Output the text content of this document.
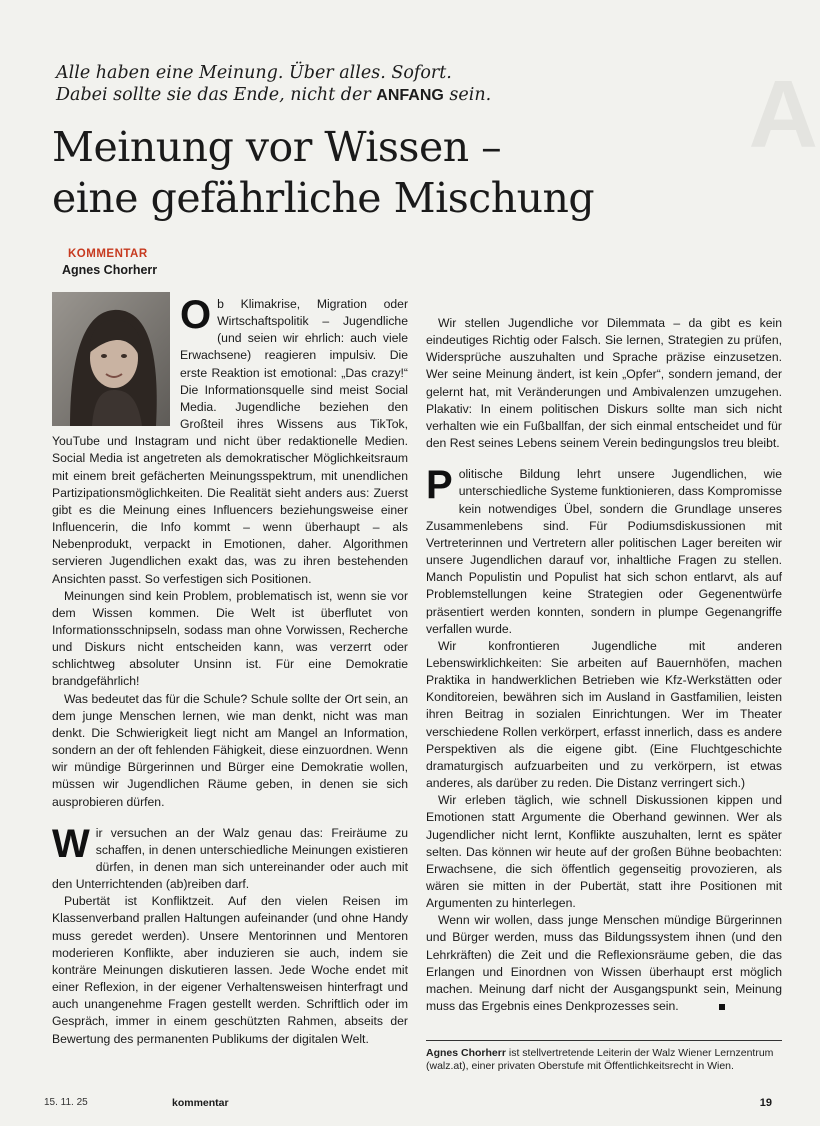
A
Alle haben eine Meinung. Über alles. Sofort.
Dabei sollte sie das Ende, nicht der ANFANG sein.
Meinung vor Wissen –
eine gefährliche Mischung
KOMMENTAR
Agnes Chorherr

Ob Klimakrise, Migration oder Wirtschaftspolitik – Jugendliche (und seien wir ehrlich: auch viele Erwachsene) reagieren impulsiv. Die erste Reaktion ist emotional: „Das crazy!“ Die Informationsquelle sind meist Social Media. Jugendliche beziehen den Großteil ihres Wissens aus TikTok, YouTube und Instagram und nicht über redaktionelle Medien. Social Media ist angetreten als demokratischer Möglichkeitsraum mit einem breit gefächerten Meinungsspektrum, mit unendlichen Partizipationsmöglichkeiten. Die Realität sieht anders aus: Zuerst gibt es die Meinung eines Influencers beziehungsweise einer Influencerin, die Info kommt – wenn überhaupt – als Nebenprodukt, verpackt in Emotionen, daher. Algorithmen servieren Jugendlichen exakt das, was zu ihren bestehenden Ansichten passt. So verfestigen sich Positionen.

Meinungen sind kein Problem, problematisch ist, wenn sie vor dem Wissen kommen. Die Welt ist überflutet von Informationsschnipseln, sodass man ohne Vorwissen, Recherche und Diskurs nicht entscheiden kann, was verzerrt oder schlichtweg absoluter Unsinn ist. Für eine Demokratie brandgefährlich!

Was bedeutet das für die Schule? Schule sollte der Ort sein, an dem junge Menschen lernen, wie man denkt, nicht was man denkt. Die Schwierigkeit liegt nicht am Mangel an Information, sondern an der oft fehlenden Fähigkeit, diese einzuordnen. Wenn wir mündige Bürgerinnen und Bürger eine Demokratie wollen, müssen wir Jugendlichen Räume geben, in denen sie sich ausprobieren dürfen.

Wir versuchen an der Walz genau das: Freiräume zu schaffen, in denen unterschiedliche Meinungen existieren dürfen, in denen man sich untereinander oder auch mit den Unterrichtenden (ab)reiben darf.

Pubertät ist Konfliktzeit. Auf den vielen Reisen im Klassenverband prallen Haltungen aufeinander (und ohne Handy muss geredet werden). Unsere Mentorinnen und Mentoren moderieren Konflikte, aber induzieren sie auch, indem sie konträre Meinungen diskutieren lassen. Jede Woche endet mit einer Reflexion, in der eigener Verhaltensweisen hinterfragt und auch unangenehme Fragen gestellt werden. Schriftlich oder im Gespräch, immer in einem geschützten Rahmen, abseits der Bewertung des permanenten Publikums der digitalen Welt.

Wir stellen Jugendliche vor Dilemmata – da gibt es kein eindeutiges Richtig oder Falsch. Sie lernen, Strategien zu prüfen, Widersprüche auszuhalten und Sprache präzise einzusetzen. Wer seine Meinung ändert, ist kein „Opfer“, sondern jemand, der gelernt hat, mit Veränderungen und Ambivalenzen umzugehen. Plakativ: In einem politischen Diskurs sollte man sich nicht verhalten wie ein Fußballfan, der sich einmal entscheidet und für den Rest seines Lebens seinem Verein bedingungslos treu bleibt.

Politische Bildung lehrt unsere Jugendlichen, wie unterschiedliche Systeme funktionieren, dass Kompromisse kein notwendiges Übel, sondern die Grundlage unseres Zusammenlebens sind. Für Podiumsdiskussionen mit Vertreterinnen und Vertretern aller politischen Lager bereiten wir unsere Jugendlichen darauf vor, inhaltliche Fragen zu stellen. Manch Populistin und Populist hat sich schon entlarvt, als auf Problemstellungen keine Strategien oder Gegenentwürfe präsentiert werden konnten, sondern in plumpe Gegenangriffe verfallen wurde.

Wir konfrontieren Jugendliche mit anderen Lebenswirklichkeiten: Sie arbeiten auf Bauernhöfen, machen Praktika in handwerklichen Betrieben wie Kfz-Werkstätten oder Konditoreien, bewähren sich im Ausland in Gastfamilien, leisten ihren Beitrag in sozialen Einrichtungen. Wer im Theater verschiedene Rollen verkörpert, erfasst innerlich, dass es andere Perspektiven als die eigene gibt. (Eine Fluchtgeschichte dramaturgisch aufzuarbeiten und zu verkörpern, ist etwas anderes, als darüber zu reden. Die Distanz verringert sich.)

Wir erleben täglich, wie schnell Diskussionen kippen und Emotionen statt Argumente die Oberhand gewinnen. Wer als Jugendlicher nicht lernt, Konflikte auszuhalten, lernt es später selten. Das können wir heute auf der großen Bühne beobachten: Erwachsene, die sich öffentlich gegenseitig provozieren, als wären sie mitten in der Pubertät, statt ihre Positionen mit Argumenten zu hinterlegen.

Wenn wir wollen, dass junge Menschen mündige Bürgerinnen und Bürger werden, muss das Bildungssystem ihnen (und den Lehrkräften) die Zeit und die Reflexionsräume geben, die das Erlangen und Einordnen von Wissen überhaupt erst möglich machen. Meinung darf nicht der Ausgangspunkt sein, Meinung muss das Ergebnis eines Denkprozesses sein.

Agnes Chorherr ist stellvertretende Leiterin der Walz Wiener Lernzentrum (walz.at), einer privaten Oberstufe mit Öffentlichkeitsrecht in Wien.
15. 11. 25	kommentar	19
